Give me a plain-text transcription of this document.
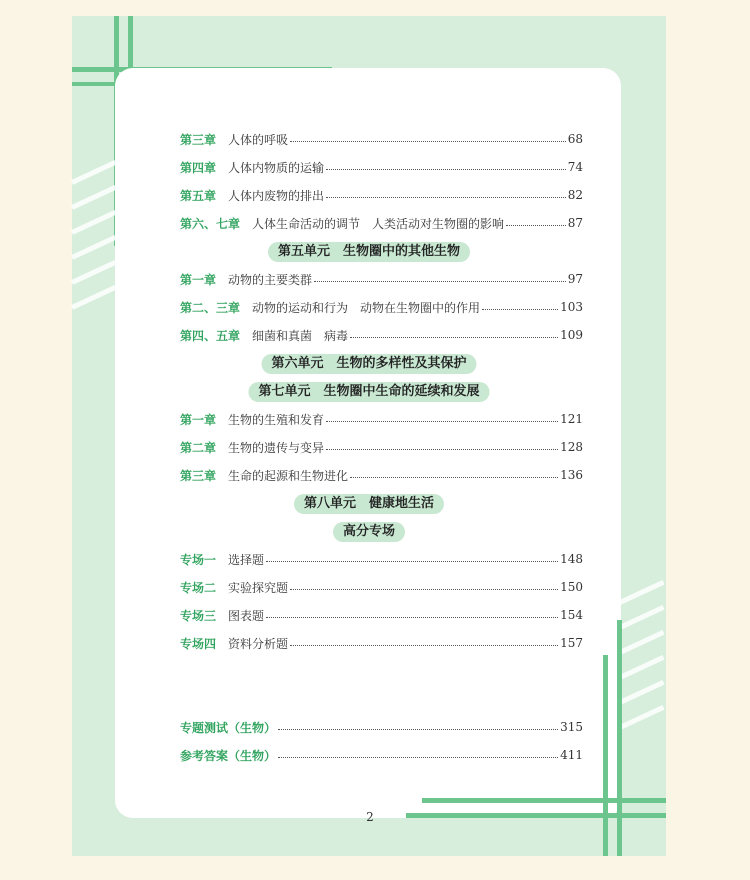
第三章 人体的呼吸	68
第四章 人体内物质的运输	74
第五章 人体内废物的排出	82
第六、七章 人体生命活动的调节　人类活动对生物圈的影响	87
第五单元　生物圈中的其他生物
第一章 动物的主要类群	97
第二、三章 动物的运动和行为　动物在生物圈中的作用	103
第四、五章 细菌和真菌　病毒	109
第六单元　生物的多样性及其保护
第七单元　生物圈中生命的延续和发展
第一章 生物的生殖和发育	121
第二章 生物的遗传与变异	128
第三章 生命的起源和生物进化	136
第八单元　健康地生活
高分专场
专场一 选择题	148
专场二 实验探究题	150
专场三 图表题	154
专场四 资料分析题	157
专题测试（生物）	315
参考答案（生物）	411
2
